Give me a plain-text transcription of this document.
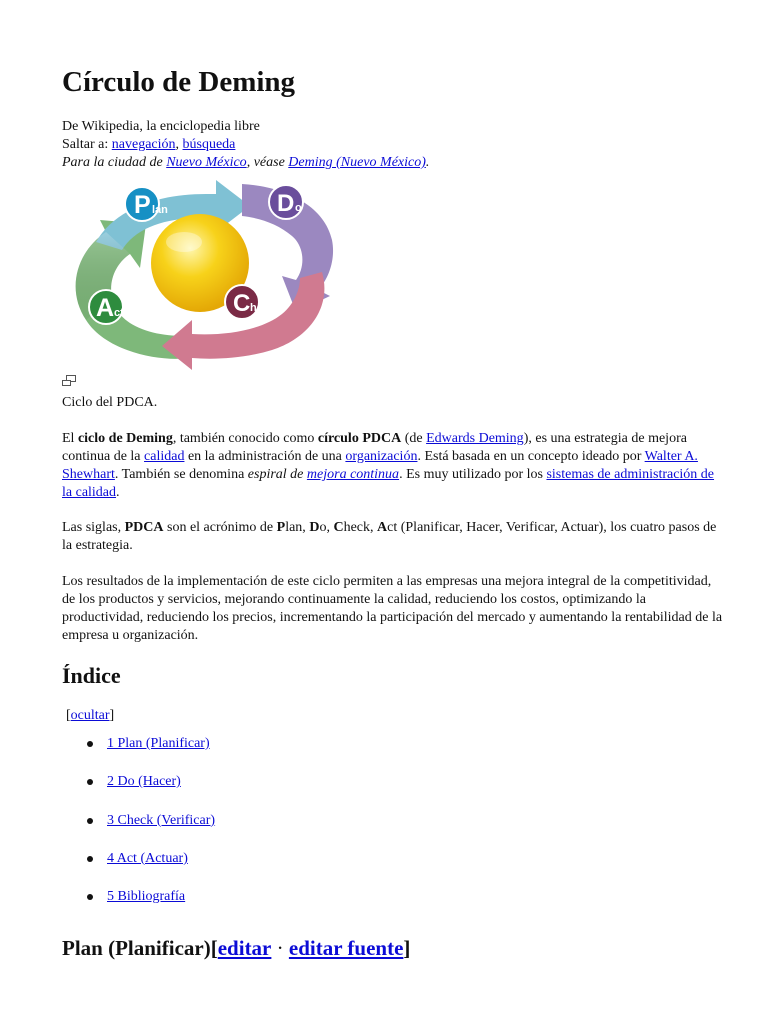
Círculo de Deming
De Wikipedia, la enciclopedia libre
Saltar a: navegación, búsqueda
Para la ciudad de Nuevo México, véase Deming (Nuevo México).
P lan	D o
C heck
A ct
Ciclo del PDCA.

El ciclo de Deming, también conocido como círculo PDCA (de Edwards Deming), es una estrategia de mejora continua de la calidad en la administración de una organización. Está basada en un concepto ideado por Walter A. Shewhart. También se denomina espiral de mejora continua. Es muy utilizado por los sistemas de administración de la calidad.

Las siglas, PDCA son el acrónimo de Plan, Do, Check, Act (Planificar, Hacer, Verificar, Actuar), los cuatro pasos de la estrategia.

Los resultados de la implementación de este ciclo permiten a las empresas una mejora integral de la competitividad, de los productos y servicios, mejorando continuamente la calidad, reduciendo los costos, optimizando la productividad, reduciendo los precios, incrementando la participación del mercado y aumentando la rentabilidad de la empresa u organización.

Índice
[ocultar]
1 Plan (Planificar)
2 Do (Hacer)
3 Check (Verificar)
4 Act (Actuar)
5 Bibliografía
Plan (Planificar)[editar · editar fuente]
